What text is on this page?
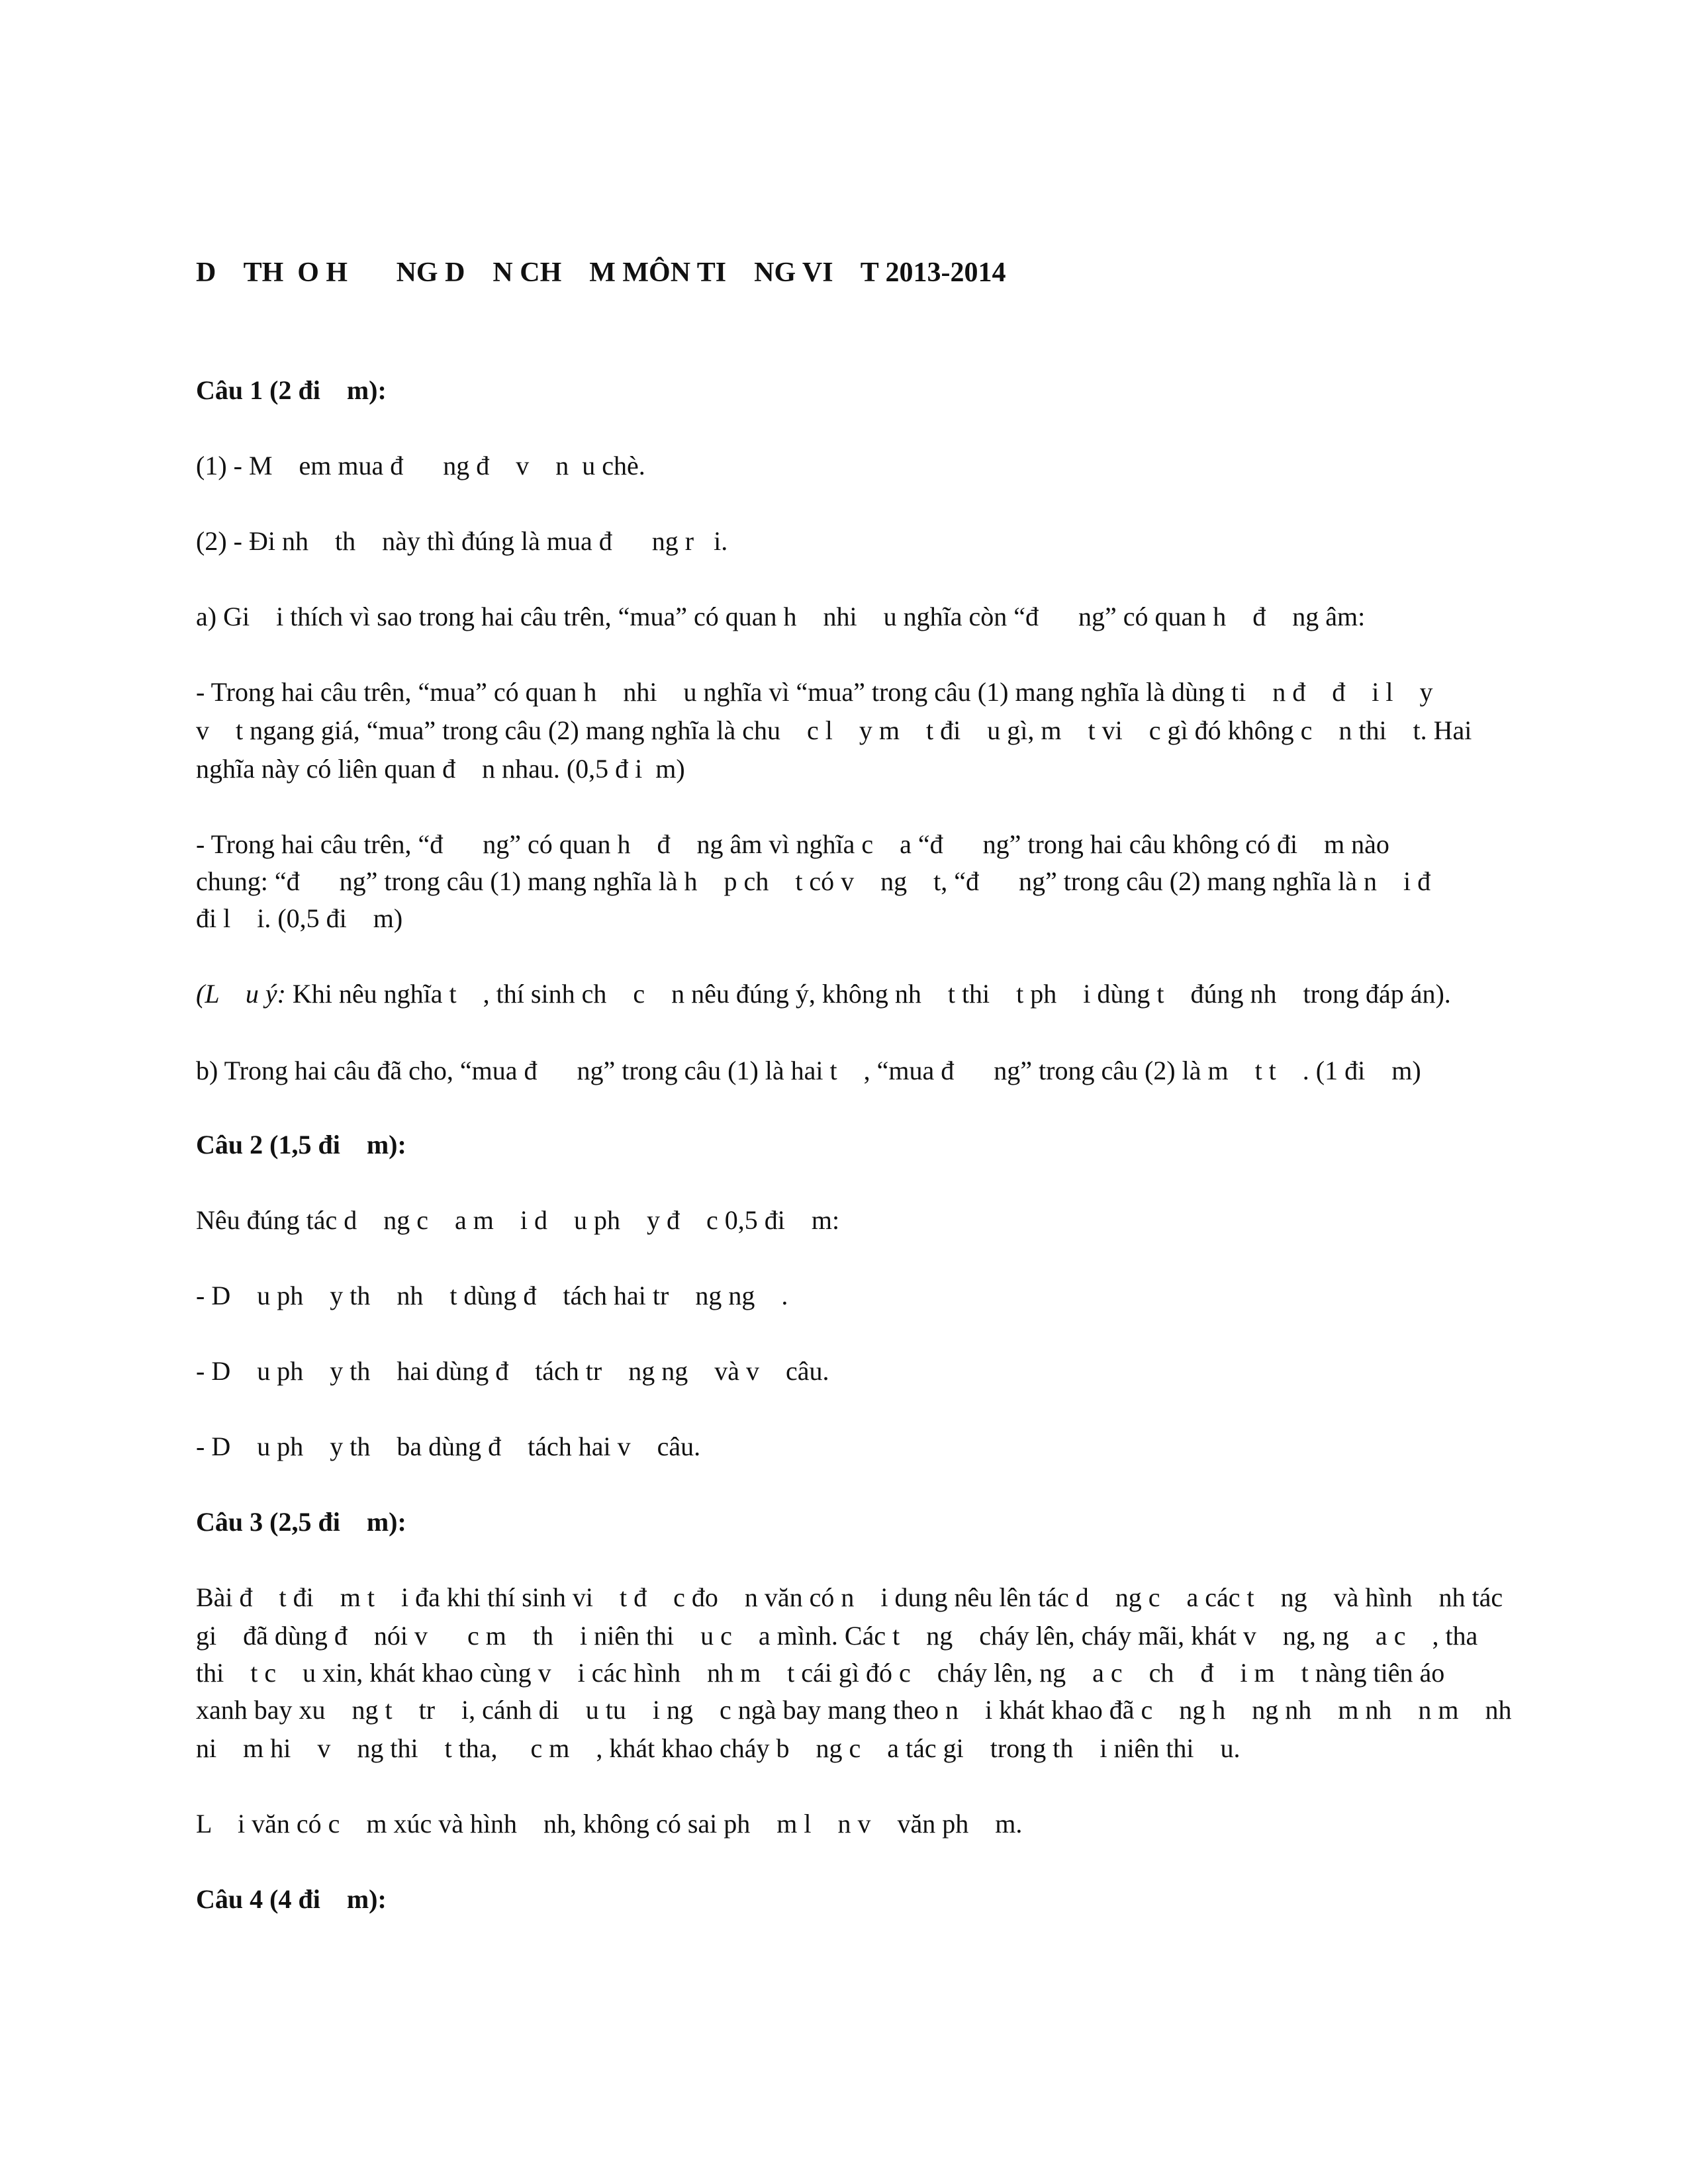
D    TH  O H       NG D    N CH    M MÔN TI    NG VI    T 2013-2014
Câu 1 (2 đi    m):
(1) - M    em mua đ      ng đ    v    n  u chè.
(2) - Đi nh    th    này thì đúng là mua đ      ng r   i.
a) Gi    i thích vì sao trong hai câu trên, “mua” có quan h    nhi    u nghĩa còn “đ      ng” có quan h    đ    ng âm:
- Trong hai câu trên, “mua” có quan h    nhi    u nghĩa vì “mua” trong câu (1) mang nghĩa là dùng ti    n đ    đ    i l    y
v    t ngang giá, “mua” trong câu (2) mang nghĩa là chu    c l    y m    t đi    u gì, m    t vi    c gì đó không c    n thi    t. Hai
nghĩa này có liên quan đ    n nhau. (0,5 đ i  m)
- Trong hai câu trên, “đ      ng” có quan h    đ    ng âm vì nghĩa c    a “đ      ng” trong hai câu không có đi    m nào
chung: “đ      ng” trong câu (1) mang nghĩa là h    p ch    t có v    ng    t, “đ      ng” trong câu (2) mang nghĩa là n    i đ
đi l    i. (0,5 đi    m)
(L    u ý: Khi nêu nghĩa t    , thí sinh ch    c    n nêu đúng ý, không nh    t thi    t ph    i dùng t    đúng nh    trong đáp án).
b) Trong hai câu đã cho, “mua đ      ng” trong câu (1) là hai t    , “mua đ      ng” trong câu (2) là m    t t    . (1 đi    m)
Câu 2 (1,5 đi    m):
Nêu đúng tác d    ng c    a m    i d    u ph    y đ    c 0,5 đi    m:
- D    u ph    y th    nh    t dùng đ    tách hai tr    ng ng    .
- D    u ph    y th    hai dùng đ    tách tr    ng ng    và v    câu.
- D    u ph    y th    ba dùng đ    tách hai v    câu.
Câu 3 (2,5 đi    m):
Bài đ    t đi    m t    i đa khi thí sinh vi    t đ    c đo    n văn có n    i dung nêu lên tác d    ng c    a các t    ng    và hình    nh tác
gi    đã dùng đ    nói v      c m    th    i niên thi    u c    a mình. Các t    ng    cháy lên, cháy mãi, khát v    ng, ng    a c    , tha
thi    t c    u xin, khát khao cùng v    i các hình    nh m    t cái gì đó c    cháy lên, ng    a c    ch    đ    i m    t nàng tiên áo
xanh bay xu    ng t    tr    i, cánh di    u tu    i ng    c ngà bay mang theo n    i khát khao đã c    ng h    ng nh    m nh    n m    nh
ni    m hi    v    ng thi    t tha,     c m    , khát khao cháy b    ng c    a tác gi    trong th    i niên thi    u.
L    i văn có c    m xúc và hình    nh, không có sai ph    m l    n v    văn ph    m.
Câu 4 (4 đi    m):
